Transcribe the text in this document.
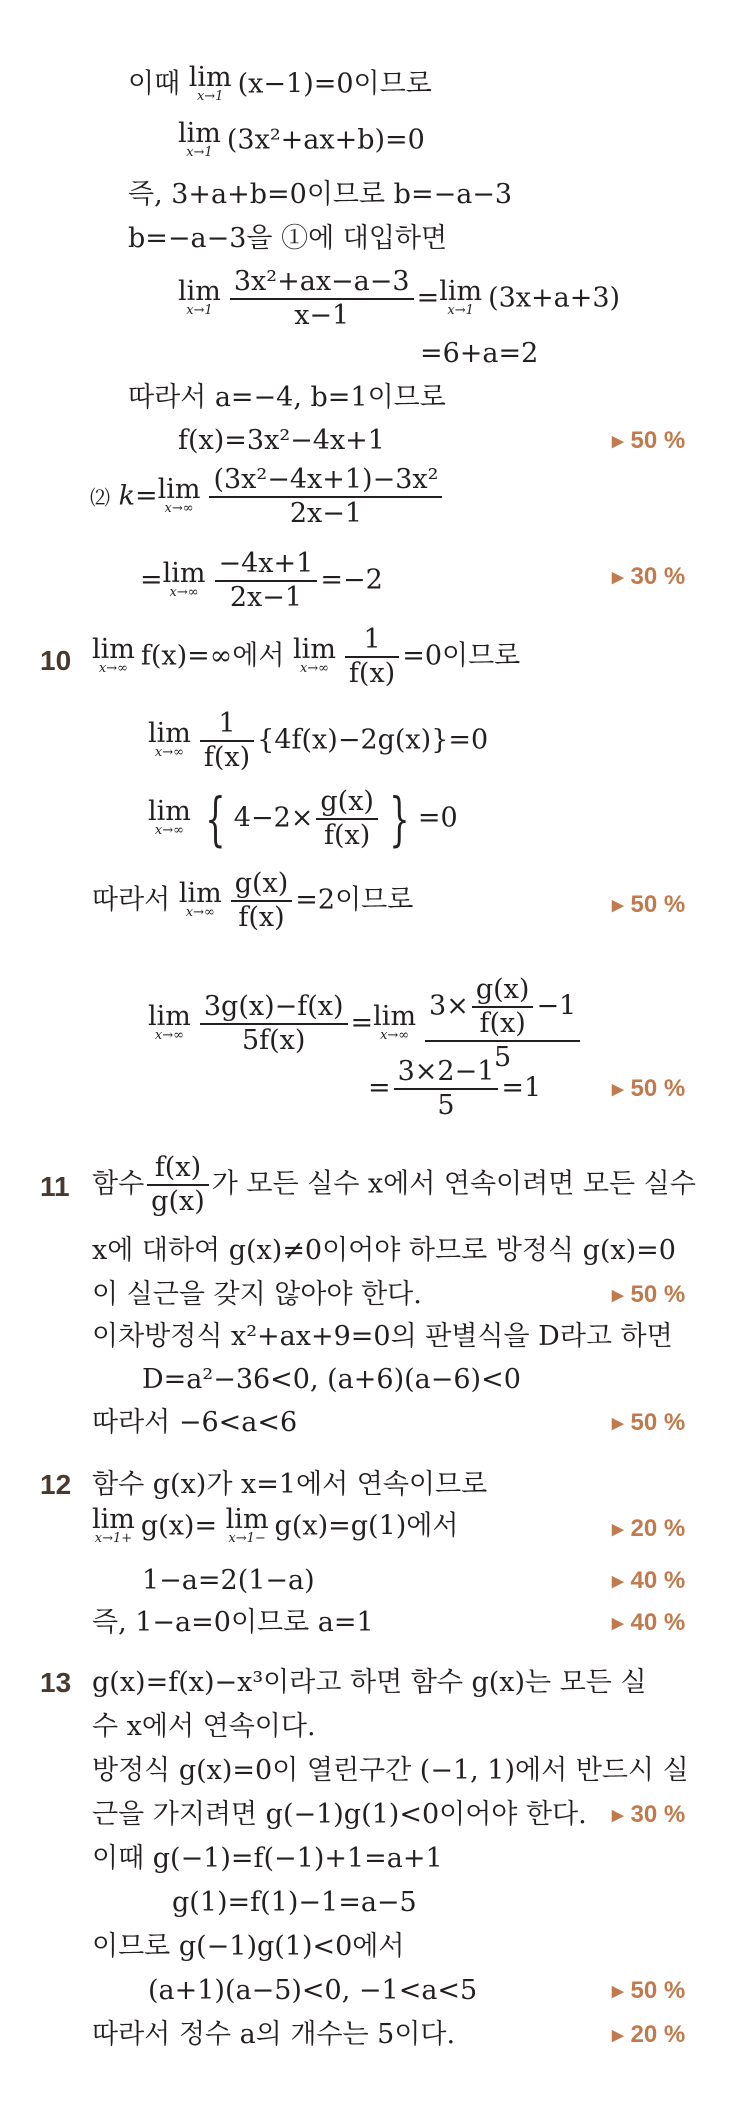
이때 lim
x→1 (x−1)=0이므로
lim
x→1 (3x²+ax+b)=0
즉, 3+a+b=0이므로 b=−a−3
b=−a−3을 ①에 대입하면
lim
$x\to 1 \frac{\text{3x²+ax−a−3}}{x-1} = \lim$
x→1 (3x+a+3)
=6+a=2
따라서 a=−4, b=1이므로
f(x)=3x²−4x+1	▶ 50 %
⑵ k= lim
$x\to\infty \frac{\text{(3x²−4x+1)−3x²}}{2x-1}$
= lim
$x\to\infty \frac{-4x+1}{2x-1} =-2$	▶ 30 %
10 lim
x→∞ f(x)=∞에서 lim
$x\to\infty \frac{1}{f(x)} =0$이므로
lim
$x\to\infty \frac{1}{f(x)} \{4f(x)-2g(x)\}=0$
lim
x→∞ { $4-2\times \frac{g(x)}{f(x)}$ } =0
따라서 lim
$x\to\infty \frac{g(x)}{f(x)} =2$이므로	▶ 50 %
lim
$x\to\infty \frac{3g(x)-f(x)}{5f(x)} = \lim$
$x\to\infty \frac{3\times \frac{g(x)}{f(x)} -1}{5}$
= $\frac{3\times 2-1}{5} =1$	▶ 50 %
11 함수 $\frac{f(x)}{g(x)}$ 가 모든 실수 x에서 연속이려면 모든 실수
x에 대하여 g(x)≠0이어야 하므로 방정식 g(x)=0
이 실근을 갖지 않아야 한다.	▶ 50 %
이차방정식 x²+ax+9=0의 판별식을 D라고 하면
D=a²−36<0, (a+6)(a−6)<0
따라서 −6<a<6	▶ 50 %
12 함수 g(x)가 x=1에서 연속이므로
lim
x→1+ g(x)= lim
x→1− g(x)=g(1)에서	▶ 20 %
1−a=2(1−a)	▶ 40 %
즉, 1−a=0이므로 a=1	▶ 40 %
13 g(x)=f(x)−x³이라고 하면 함수 g(x)는 모든 실
수 x에서 연속이다.
방정식 g(x)=0이 열린구간 (−1, 1)에서 반드시 실
근을 가지려면 g(−1)g(1)<0이어야 한다. ▶ 30 %
이때 g(−1)=f(−1)+1=a+1
g(1)=f(1)−1=a−5
이므로 g(−1)g(1)<0에서
(a+1)(a−5)<0, −1<a<5	▶ 50 %
따라서 정수 a의 개수는 5이다.	▶ 20 %
